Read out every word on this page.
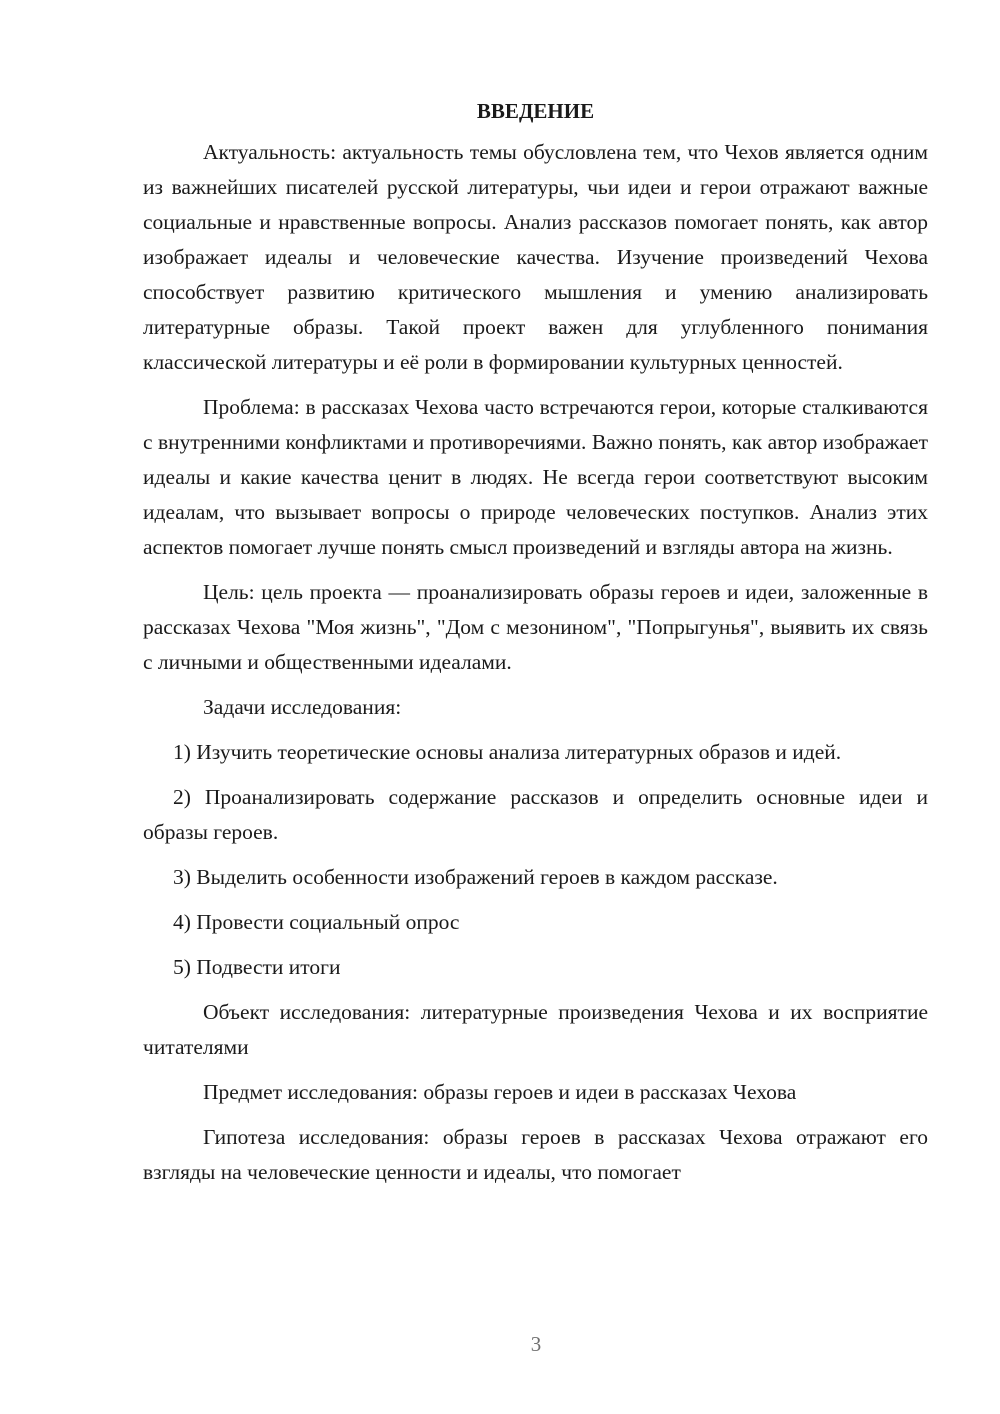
ВВЕДЕНИЕ

Актуальность: актуальность темы обусловлена тем, что Чехов является одним из важнейших писателей русской литературы, чьи идеи и герои отражают важные социальные и нравственные вопросы. Анализ рассказов помогает понять, как автор изображает идеалы и человеческие качества. Изучение произведений Чехова способствует развитию критического мышления и умению анализировать литературные образы. Такой проект важен для углубленного понимания классической литературы и её роли в формировании культурных ценностей.

Проблема: в рассказах Чехова часто встречаются герои, которые сталкиваются с внутренними конфликтами и противоречиями. Важно понять, как автор изображает идеалы и какие качества ценит в людях. Не всегда герои соответствуют высоким идеалам, что вызывает вопросы о природе человеческих поступков. Анализ этих аспектов помогает лучше понять смысл произведений и взгляды автора на жизнь.

Цель: цель проекта — проанализировать образы героев и идеи, заложенные в рассказах Чехова "Моя жизнь", "Дом с мезонином", "Попрыгунья", выявить их связь с личными и общественными идеалами.

Задачи исследования:

1) Изучить теоретические основы анализа литературных образов и идей.

2) Проанализировать содержание рассказов и определить основные идеи и образы героев.

3) Выделить особенности изображений героев в каждом рассказе.

4) Провести социальный опрос

5) Подвести итоги

Объект исследования: литературные произведения Чехова и их восприятие читателями

Предмет исследования: образы героев и идеи в рассказах Чехова

Гипотеза исследования: образы героев в рассказах Чехова отражают его взгляды на человеческие ценности и идеалы, что помогает

3
